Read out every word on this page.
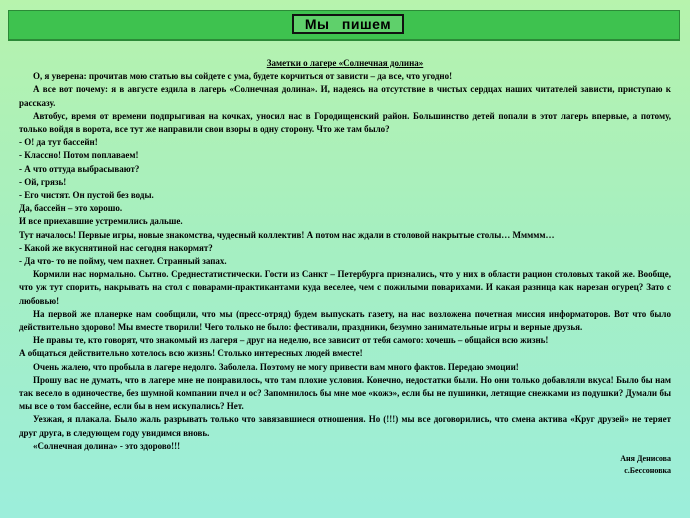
Мы пишем

Заметки о лагере «Солнечная долина»

О, я уверена: прочитав мою статью вы сойдете с ума, будете корчиться от зависти – да все, что угодно!

А все вот почему: я в августе ездила в лагерь «Солнечная долина». И, надеясь на отсутствие в чистых сердцах наших читателей зависти, приступаю к рассказу.

Автобус, время от времени подпрыгивая на кочках, уносил нас в Городищенский район. Большинство детей попали в этот лагерь впервые, а потому, только войдя в ворота, все тут же направили свои взоры в одну сторону. Что же там было?

- О! да тут бассейн!

- Классно! Потом поплаваем!

- А что оттуда выбрасывают?

- Ой, грязь!

- Его чистят. Он пустой без воды.

Да, бассейн – это хорошо.

И все приехавшие устремились дальше.

Тут началось! Первые игры, новые знакомства, чудесный коллектив! А потом нас ждали в столовой накрытые столы… Ммммм…

- Какой же вкуснятиной нас сегодня накормят?

- Да что- то не пойму, чем пахнет. Странный запах.

Кормили нас нормально. Сытно. Среднестатистически. Гости из Санкт – Петербурга признались, что у них в области рацион столовых такой же. Вообще, что уж тут спорить, накрывать на стол с поварами-практикантами куда веселее, чем с пожилыми поварихами. И какая разница как нарезан огурец? Зато с любовью!

На первой же планерке нам сообщили, что мы (пресс-отряд) будем выпускать газету, на нас возложена почетная миссия информаторов. Вот что было действительно здорово! Мы вместе творили! Чего только не было: фестивали, праздники, безумно занимательные игры и верные друзья.

Не правы те, кто говорят, что знакомый из лагеря – друг на неделю, все зависит от тебя самого: хочешь – общайся всю жизнь!

А общаться действительно хотелось всю жизнь! Столько интересных людей вместе!

Очень жалею, что пробыла в лагере недолго. Заболела. Поэтому не могу привести вам много фактов. Передаю эмоции!

Прошу вас не думать, что в лагере мне не понравилось, что там плохие условия. Конечно, недостатки были. Но они только добавляли вкуса! Было бы нам так весело в одиночестве, без шумной компании пчел и ос? Запомнилось бы мне мое «кожэ», если бы не пушинки, летящие снежками из подушки? Думали бы мы все о том бассейне, если бы в нем искупались? Нет.

Уезжая, я плакала. Было жаль разрывать только что завязавшиеся отношения. Но (!!!) мы все договорились, что смена актива «Круг друзей» не теряет друг друга, в следующем году увидимся вновь.

«Солнечная долина» - это здорово!!!

Аня Денисова

с.Бессоновка
